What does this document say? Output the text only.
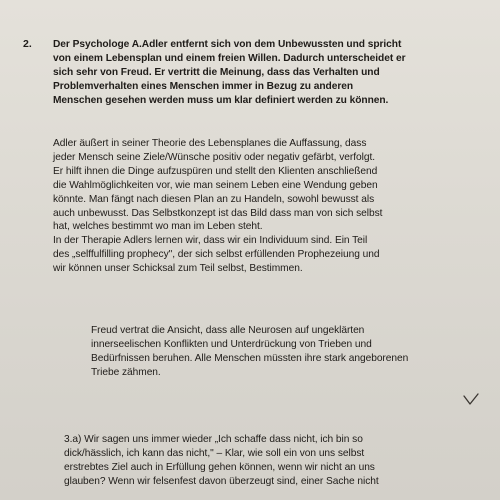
2. Der Psychologe A.Adler entfernt sich von dem Unbewussten und spricht

von einem Lebensplan und einem freien Willen. Dadurch unterscheidet er

sich sehr von Freud. Er vertritt die Meinung, dass das Verhalten und

Problemverhalten eines Menschen immer in Bezug zu anderen

Menschen gesehen werden muss um klar definiert werden zu können.

Adler äußert in seiner Theorie des Lebensplanes die Auffassung, dass

jeder Mensch seine Ziele/Wünsche positiv oder negativ gefärbt, verfolgt.

Er hilft ihnen die Dinge aufzuspüren und stellt den Klienten anschließend

die Wahlmöglichkeiten vor, wie man seinem Leben eine Wendung geben

könnte. Man fängt nach diesen Plan an zu Handeln, sowohl bewusst als

auch unbewusst. Das Selbstkonzept ist das Bild dass man von sich selbst

hat, welches bestimmt wo man im Leben steht.

In der Therapie Adlers lernen wir, dass wir ein Individuum sind. Ein Teil

des „selffulfilling prophecy", der sich selbst erfüllenden Prophezeiung und

wir können unser Schicksal zum Teil selbst, Bestimmen.

Freud vertrat die Ansicht, dass alle Neurosen auf ungeklärten

innerseelischen Konflikten und Unterdrückung von Trieben und

Bedürfnissen beruhen. Alle Menschen müssten ihre stark angeborenen

Triebe zähmen.

3.a) Wir sagen uns immer wieder „Ich schaffe dass nicht, ich bin so

dick/hässlich, ich kann das nicht," – Klar, wie soll ein von uns selbst

erstrebtes Ziel auch in Erfüllung gehen können, wenn wir nicht an uns

glauben? Wenn wir felsenfest davon überzeugt sind, einer Sache nicht
